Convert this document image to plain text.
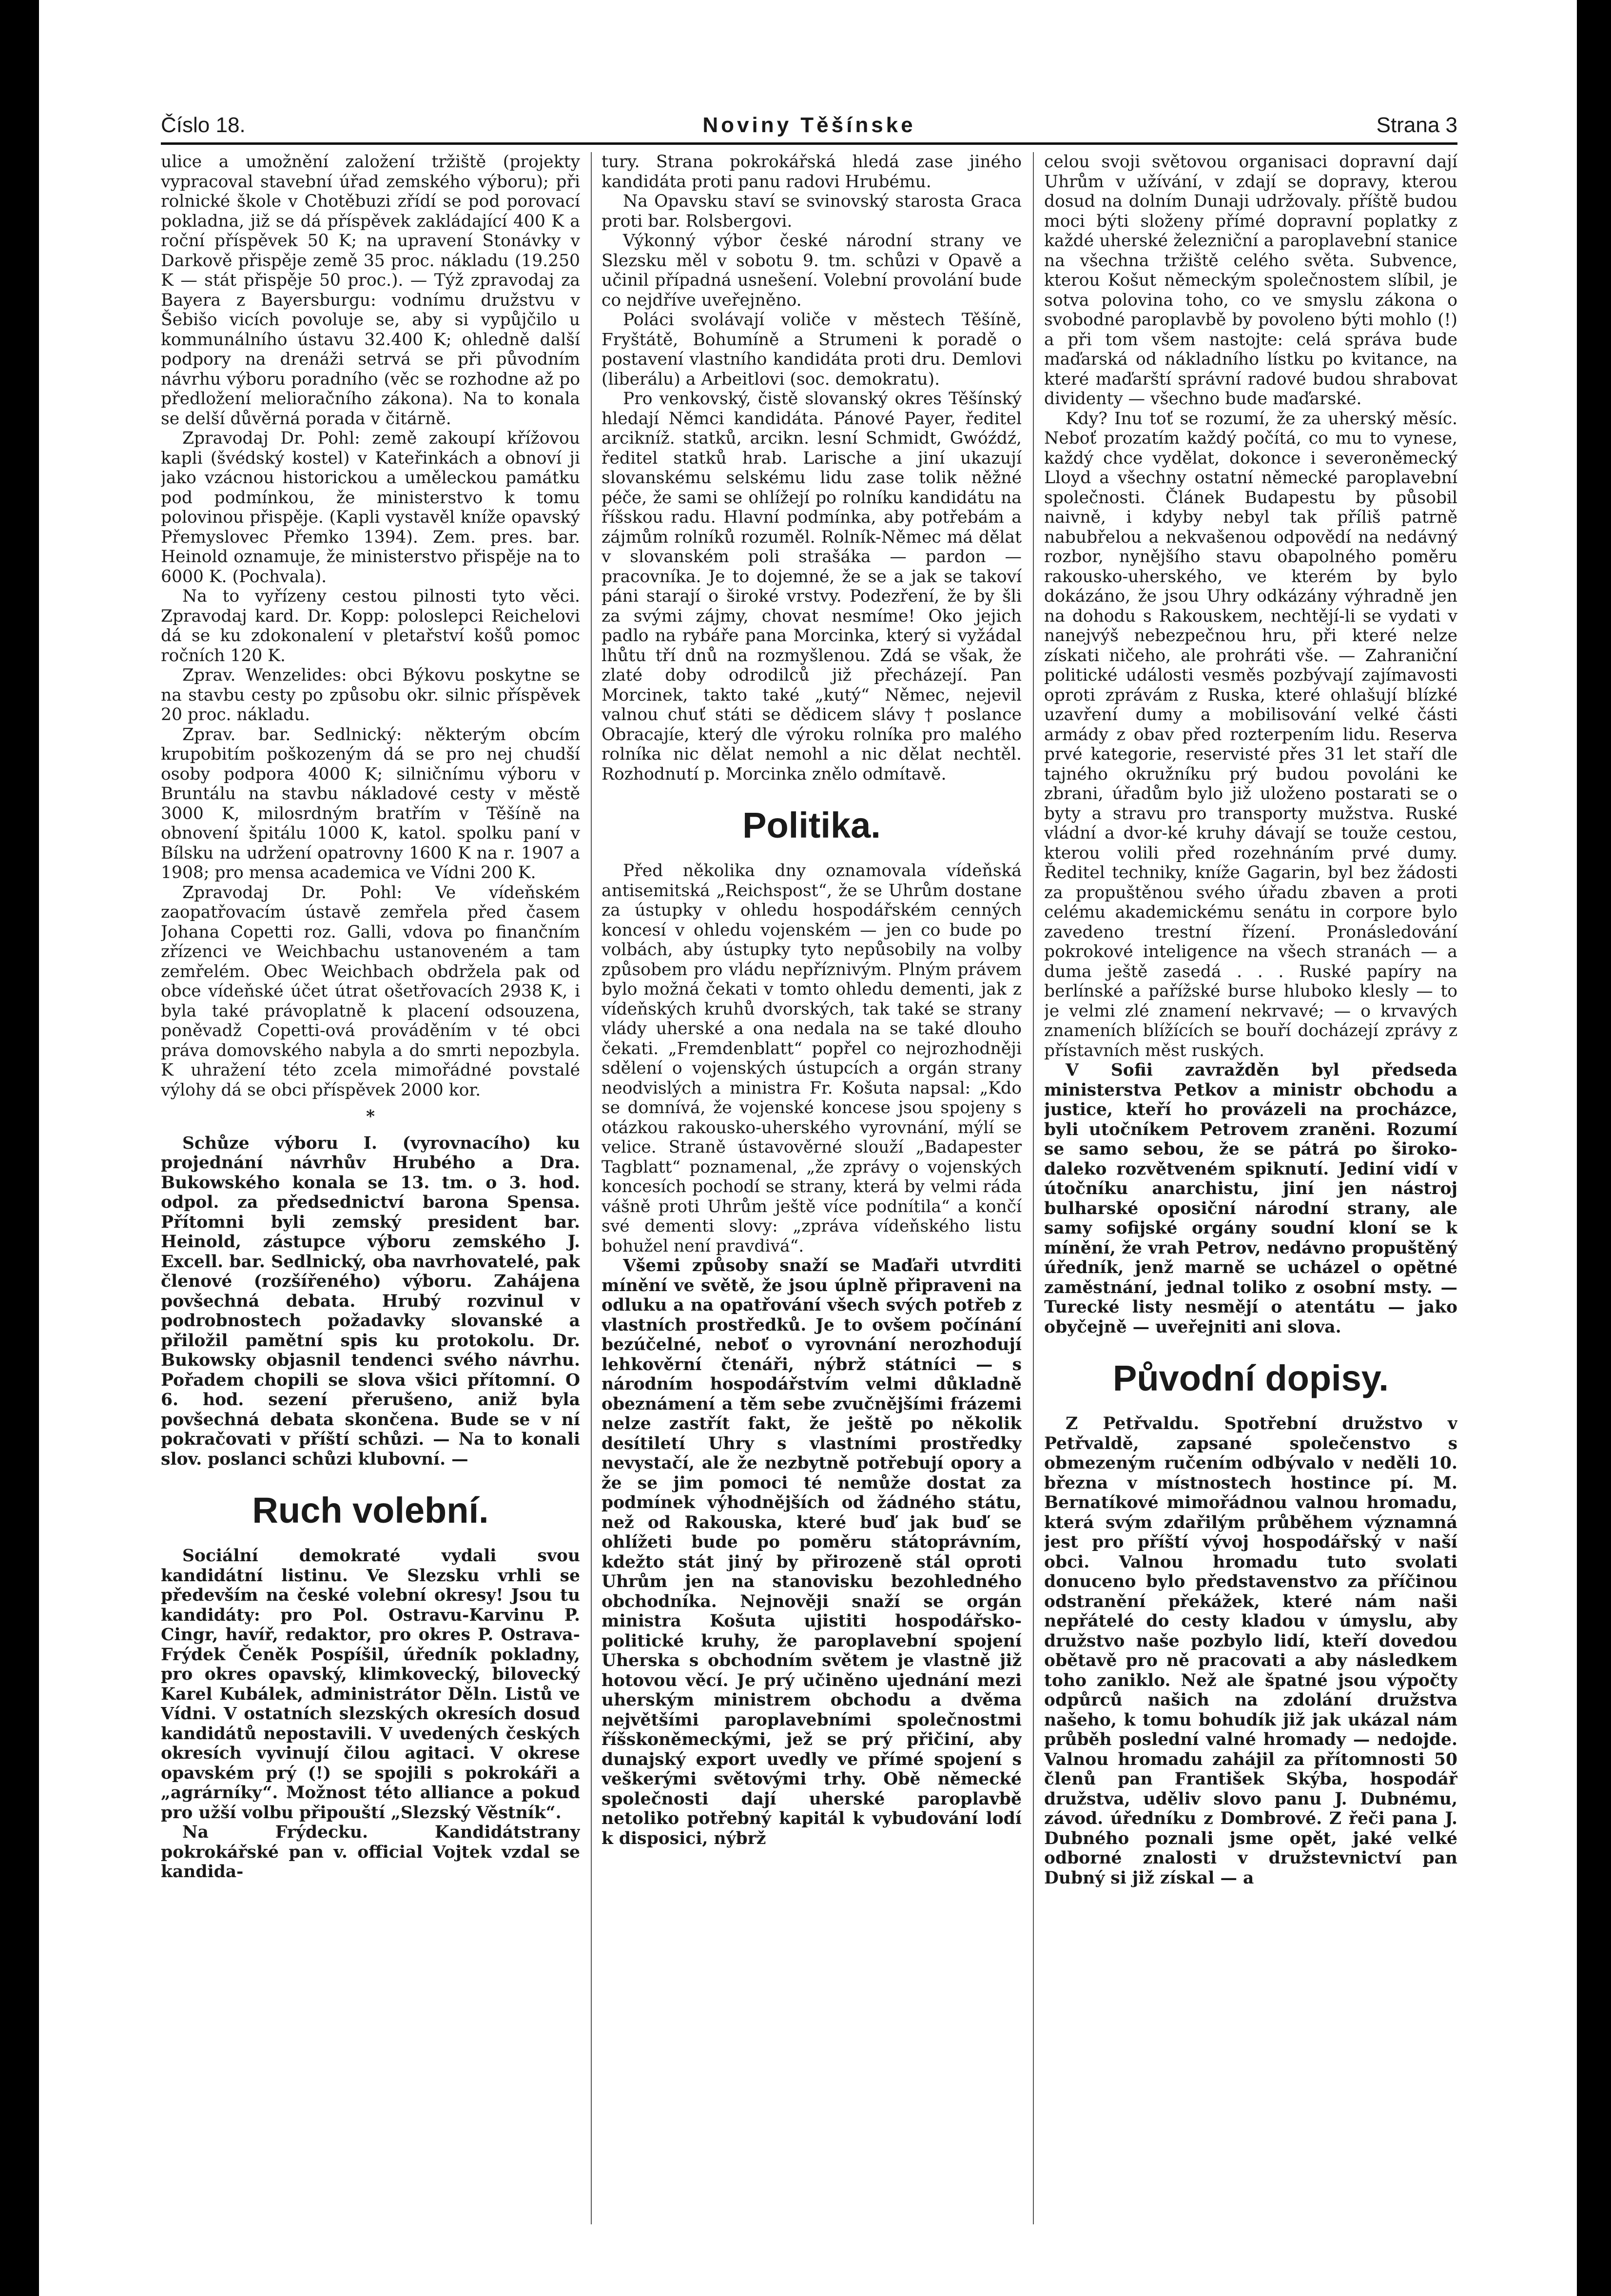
Číslo 18.	Noviny Těšínske	Strana 3

ulice a umožnění založení tržiště (projekty vypracoval stavební úřad zemského výboru); při rolnické škole v Chotěbuzi zřídí se pod porovací pokladna, již se dá příspěvek zakládající 400 K a roční příspěvek 50 K; na upravení Stonávky v Darkově přispěje země 35 proc. nákladu (19.250 K — stát přispěje 50 proc.). — Týž zpravodaj za Bayera z Bayersburgu: vodnímu družstvu v Šebišo vicích povoluje se, aby si vypůjčilo u kommunálního ústavu 32.400 K; ohledně další podpory na drenáži setrvá se při původním návrhu výboru poradního (věc se rozhodne až po předložení melioračního zákona). Na to konala se delší důvěrná porada v čitárně.

Zpravodaj Dr. Pohl: země zakoupí křížovou kapli (švédský kostel) v Kateřinkách a obnoví ji jako vzácnou historickou a uměleckou památku pod podmínkou, že ministerstvo k tomu polovinou přispěje. (Kapli vystavěl kníže opavský Přemyslovec Přemko 1394). Zem. pres. bar. Heinold oznamuje, že ministerstvo přispěje na to 6000 K. (Pochvala).

Na to vyřízeny cestou pilnosti tyto věci. Zpravodaj kard. Dr. Kopp: poloslepci Reichelovi dá se ku zdokonalení v pletařství košů pomoc ročních 120 K.

Zprav. Wenzelides: obci Býkovu poskytne se na stavbu cesty po způsobu okr. silnic příspěvek 20 proc. nákladu.

Zprav. bar. Sedlnický: některým obcím krupobitím poškozeným dá se pro nej chudší osoby podpora 4000 K; silničnímu výboru v Bruntálu na stavbu nákladové cesty v městě 3000 K, milosrdným bratřím v Těšíně na obnovení špitálu 1000 K, katol. spolku paní v Bílsku na udržení opatrovny 1600 K na r. 1907 a 1908; pro mensa academica ve Vídni 200 K.

Zpravodaj Dr. Pohl: Ve vídeňském zaopatřovacím ústavě zemřela před časem Johana Copetti roz. Galli, vdova po finančním zřízenci ve Weichbachu ustanoveném a tam zemřelém. Obec Weichbach obdržela pak od obce vídeňské účet útrat ošetřovacích 2938 K, i byla také právoplatně k placení odsouzena, poněvadž Copetti-ová prováděním v té obci práva domovského nabyla a do smrti nepozbyla. K uhražení této zcela mimořádné povstalé výlohy dá se obci příspěvek 2000 kor.

*

Schůze výboru I. (vyrovnacího) ku projednání návrhův Hrubého a Dra. Bukowského konala se 13. tm. o 3. hod. odpol. za předsednictví barona Spensa. Přítomni byli zemský president bar. Heinold, zástupce výboru zemského J. Excell. bar. Sedlnický, oba navrhovatelé, pak členové (rozšířeného) výboru. Zahájena povšechná debata. Hrubý rozvinul v podrobnostech požadavky slovanské a přiložil pamětní spis ku protokolu. Dr. Bukowsky objasnil tendenci svého návrhu. Pořadem chopili se slova všici přítomní. O 6. hod. sezení přerušeno, aniž byla povšechná debata skončena. Bude se v ní pokračovati v příští schůzi. — Na to konali slov. poslanci schůzi klubovní. —

Ruch volební.

Sociální demokraté vydali svou kandidátní listinu. Ve Slezsku vrhli se především na české volební okresy! Jsou tu kandidáty: pro Pol. Ostravu-Karvinu P. Cingr, havíř, redaktor, pro okres P. Ostrava-Frýdek Čeněk Pospíšil, úředník pokladny, pro okres opavský, klimkovecký, bilovecký Karel Kubálek, administrátor Děln. Listů ve Vídni. V ostatních slezských okresích dosud kandidátů nepostavili. V uvedených českých okresích vyvinují čilou agitaci. V okrese opavském prý (!) se spojili s pokrokáři a „agrárníky“. Možnost této alliance a pokud pro užší volbu připouští „Slezský Věstník“.

Na Frýdecku. Kandidátstrany pokrokářské pan v. official Vojtek vzdal se kandida-

tury. Strana pokrokářská hledá zase jiného kandidáta proti panu radovi Hrubému.

Na Opavsku staví se svinovský starosta Graca proti bar. Rolsbergovi.

Výkonný výbor české národní strany ve Slezsku měl v sobotu 9. tm. schůzi v Opavě a učinil případná usnešení. Volební provolání bude co nejdříve uveřejněno.

Poláci svolávají voliče v městech Těšíně, Fryštátě, Bohumíně a Strumeni k poradě o postavení vlastního kandidáta proti dru. Demlovi (liberálu) a Arbeitlovi (soc. demokratu).

Pro venkovský, čistě slovanský okres Těšínský hledají Němci kandidáta. Pánové Payer, ředitel arcikníž. statků, arcikn. lesní Schmidt, Gwóźdź, ředitel statků hrab. Larische a jiní ukazují slovanskému selskému lidu zase tolik něžné péče, že sami se ohlížejí po rolníku kandidátu na říšskou radu. Hlavní podmínka, aby potřebám a zájmům rolníků rozuměl. Rolník-Němec má dělat v slovanském poli strašáka — pardon — pracovníka. Je to dojemné, že se a jak se takoví páni starají o široké vrstvy. Podezření, že by šli za svými zájmy, chovat nesmíme! Oko jejich padlo na rybáře pana Morcinka, který si vyžádal lhůtu tří dnů na rozmyšlenou. Zdá se však, že zlaté doby odrodilců již přecházejí. Pan Morcinek, takto také „kutý“ Němec, nejevil valnou chuť státi se dědicem slávy † poslance Obracajíe, který dle výroku rolníka pro malého rolníka nic dělat nemohl a nic dělat nechtěl. Rozhodnutí p. Morcinka znělo odmítavě.

Politika.

Před několika dny oznamovala vídeňská antisemitská „Reichspost“, že se Uhrům dostane za ústupky v ohledu hospodářském cenných koncesí v ohledu vojenském — jen co bude po volbách, aby ústupky tyto nepůsobily na volby způsobem pro vládu nepříznivým. Plným právem bylo možná čekati v tomto ohledu dementi, jak z vídeňských kruhů dvorských, tak také se strany vlády uherské a ona nedala na se také dlouho čekati. „Fremdenblatt“ popřel co nejrozhodněji sdělení o vojenských ústupcích a orgán strany neodvislých a ministra Fr. Košuta napsal: „Kdo se domnívá, že vojenské koncese jsou spojeny s otázkou rakousko-uherského vyrovnání, mýlí se velice. Straně ústavověrné slouží „Badapester Tagblatt“ poznamenal, „že zprávy o vojenských koncesích pochodí se strany, která by velmi ráda vášně proti Uhrům ještě více podnítila“ a končí své dementi slovy: „zpráva vídeňského listu bohužel není pravdivá“.

Všemi způsoby snaží se Maďaři utvrditi mínění ve světě, že jsou úplně připraveni na odluku a na opatřování všech svých potřeb z vlastních prostředků. Je to ovšem počínání bezúčelné, neboť o vyrovnání nerozhodují lehkověrní čtenáři, nýbrž státníci — s národním hospodářstvím velmi důkladně obeznámení a těm sebe zvučnějšími frázemi nelze zastřít fakt, že ještě po několik desítiletí Uhry s vlastními prostředky nevystačí, ale že nezbytně potřebují opory a že se jim pomoci té nemůže dostat za podmínek výhodnějších od žádného státu, než od Rakouska, které buď jak buď se ohlížeti bude po poměru státoprávním, kdežto stát jiný by přirozeně stál oproti Uhrům jen na stanovisku bezohledného obchodníka. Nejnověji snaží se orgán ministra Košuta ujistiti hospodářsko-politické kruhy, že paroplavební spojení Uherska s obchodním světem je vlastně již hotovou věcí. Je prý učiněno ujednání mezi uherským ministrem obchodu a dvěma největšími paroplavebními společnostmi říšskoněmeckými, jež se prý přičiní, aby dunajský export uvedly ve přímé spojení s veškerými světovými trhy. Obě německé společnosti dají uherské paroplavbě netoliko potřebný kapitál k vybudování lodí k disposici, nýbrž

celou svoji světovou organisaci dopravní dají Uhrům v užívání, v zdají se dopravy, kterou dosud na dolním Dunaji udržovaly. příště budou moci býti složeny přímé dopravní poplatky z každé uherské železniční a paroplavební stanice na všechna tržiště celého světa. Subvence, kterou Košut německým společnostem slíbil, je sotva polovina toho, co ve smyslu zákona o svobodné paroplavbě by povoleno býti mohlo (!) a při tom všem nastojte: celá správa bude maďarská od nákladního lístku po kvitance, na které maďarští správní radové budou shrabovat dividenty — všechno bude maďarské.

Kdy? Inu toť se rozumí, že za uherský měsíc. Neboť prozatím každý počítá, co mu to vynese, každý chce vydělat, dokonce i severoněmecký Lloyd a všechny ostatní německé paroplavební společnosti. Článek Budapestu by působil naivně, i kdyby nebyl tak příliš patrně nabubřelou a nekvašenou odpovědí na nedávný rozbor, nynějšího stavu obapolného poměru rakousko-uherského, ve kterém by bylo dokázáno, že jsou Uhry odkázány výhradně jen na dohodu s Rakouskem, nechtějí-li se vydati v nanejvýš nebezpečnou hru, při které nelze získati ničeho, ale prohráti vše. — Zahraniční politické události vesměs pozbývají zajímavosti oproti zprávám z Ruska, které ohlašují blízké uzavření dumy a mobilisování velké části armády z obav před rozterpením lidu. Reserva prvé kategorie, reservisté přes 31 let staří dle tajného okružníku prý budou povoláni ke zbrani, úřadům bylo již uloženo postarati se o byty a stravu pro transporty mužstva. Ruské vládní a dvor-ké kruhy dávají se touže cestou, kterou volili před rozehnáním prvé dumy. Ředitel techniky, kníže Gagarin, byl bez žádosti za propuštěnou svého úřadu zbaven a proti celému akademickému senátu in corpore bylo zavedeno trestní řízení. Pronásledování pokrokové inteligence na všech stranách — a duma ještě zasedá . . . Ruské papíry na berlínské a pařížské burse hluboko klesly — to je velmi zlé znamení nekrvavé; — o krvavých znameních blížících se bouří docházejí zprávy z přístavních měst ruských.

V Sofii zavražděn byl předseda ministerstva Petkov a ministr obchodu a justice, kteří ho provázeli na procházce, byli utočníkem Petrovem zraněni. Rozumí se samo sebou, že se pátrá po široko-daleko rozvětveném spiknutí. Jediní vidí v útočníku anarchistu, jiní jen nástroj bulharské oposiční národní strany, ale samy sofijské orgány soudní kloní se k mínění, že vrah Petrov, nedávno propuštěný úředník, jenž marně se ucházel o opětné zaměstnání, jednal toliko z osobní msty. — Turecké listy nesmějí o atentátu — jako obyčejně — uveřejniti ani slova.

Původní dopisy.

Z Petřvaldu. Spotřební družstvo v Petřvaldě, zapsané společenstvo s obmezeným ručením odbývalo v neděli 10. března v místnostech hostince pí. M. Bernatíkové mimořádnou valnou hromadu, která svým zdařilým průběhem významná jest pro příští vývoj hospodářský v naší obci. Valnou hromadu tuto svolati donuceno bylo představenstvo za příčinou odstranění překážek, které nám naši nepřátelé do cesty kladou v úmyslu, aby družstvo naše pozbylo lidí, kteří dovedou obětavě pro ně pracovati a aby následkem toho zaniklo. Než ale špatné jsou výpočty odpůrců našich na zdolání družstva našeho, k tomu bohudík již jak ukázal nám průběh poslední valné hromady — nedojde. Valnou hromadu zahájil za přítomnosti 50 členů pan František Skýba, hospodář družstva, uděliv slovo panu J. Dubnému, závod. úředníku z Dombrové. Z řeči pana J. Dubného poznali jsme opět, jaké velké odborné znalosti v družstevnictví pan Dubný si již získal — a
